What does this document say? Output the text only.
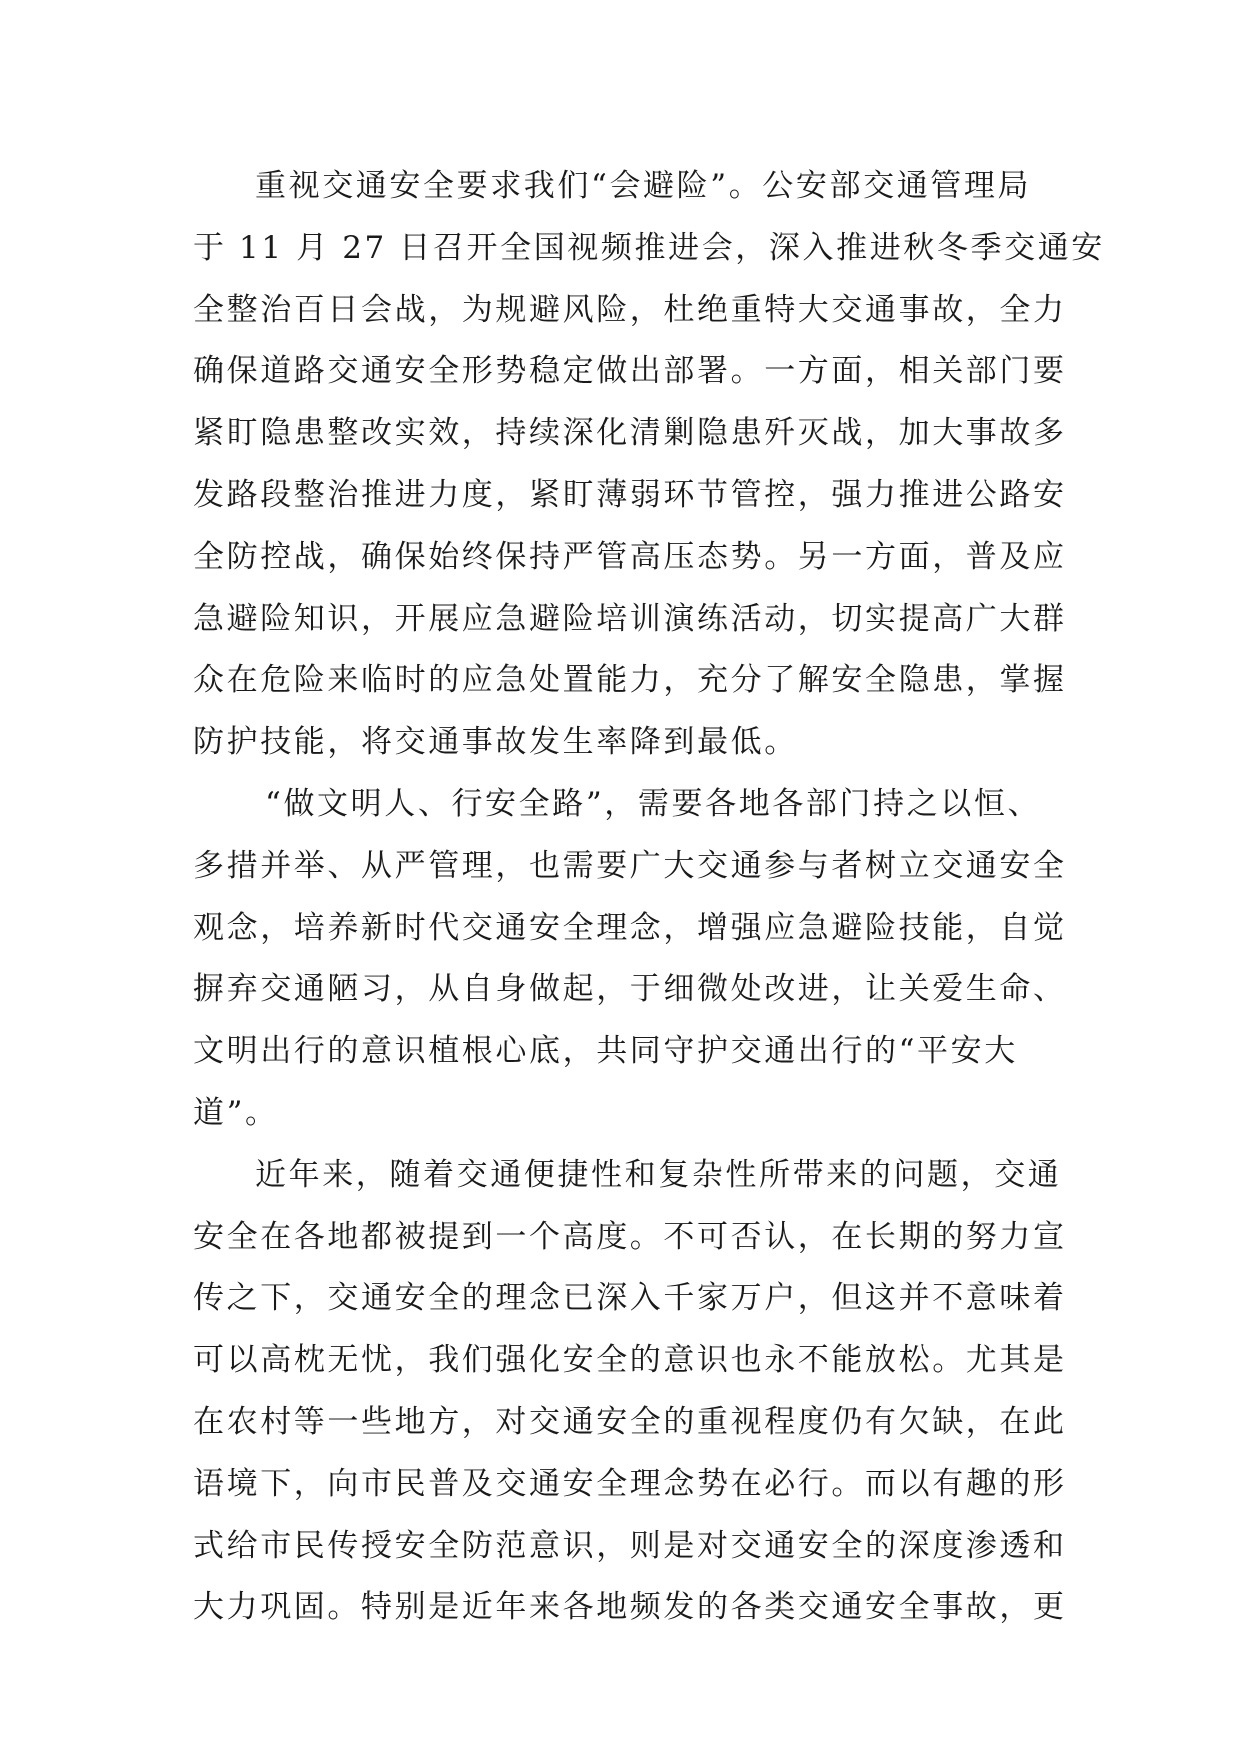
重视交通安全要求我们“会避险”。公安部交通管理局
于 11 月 27 日召开全国视频推进会，深入推进秋冬季交通安
全整治百日会战，为规避风险，杜绝重特大交通事故，全力
确保道路交通安全形势稳定做出部署。一方面，相关部门要
紧盯隐患整改实效，持续深化清剿隐患歼灭战，加大事故多
发路段整治推进力度，紧盯薄弱环节管控，强力推进公路安
全防控战，确保始终保持严管高压态势。另一方面，普及应
急避险知识，开展应急避险培训演练活动，切实提高广大群
众在危险来临时的应急处置能力，充分了解安全隐患，掌握
防护技能，将交通事故发生率降到最低。
“做文明人、行安全路”，需要各地各部门持之以恒、
多措并举、从严管理，也需要广大交通参与者树立交通安全
观念，培养新时代交通安全理念，增强应急避险技能，自觉
摒弃交通陋习，从自身做起，于细微处改进，让关爱生命、
文明出行的意识植根心底，共同守护交通出行的“平安大
道”。
近年来，随着交通便捷性和复杂性所带来的问题，交通
安全在各地都被提到一个高度。不可否认，在长期的努力宣
传之下，交通安全的理念已深入千家万户，但这并不意味着
可以高枕无忧，我们强化安全的意识也永不能放松。尤其是
在农村等一些地方，对交通安全的重视程度仍有欠缺，在此
语境下，向市民普及交通安全理念势在必行。而以有趣的形
式给市民传授安全防范意识，则是对交通安全的深度渗透和
大力巩固。特别是近年来各地频发的各类交通安全事故，更
